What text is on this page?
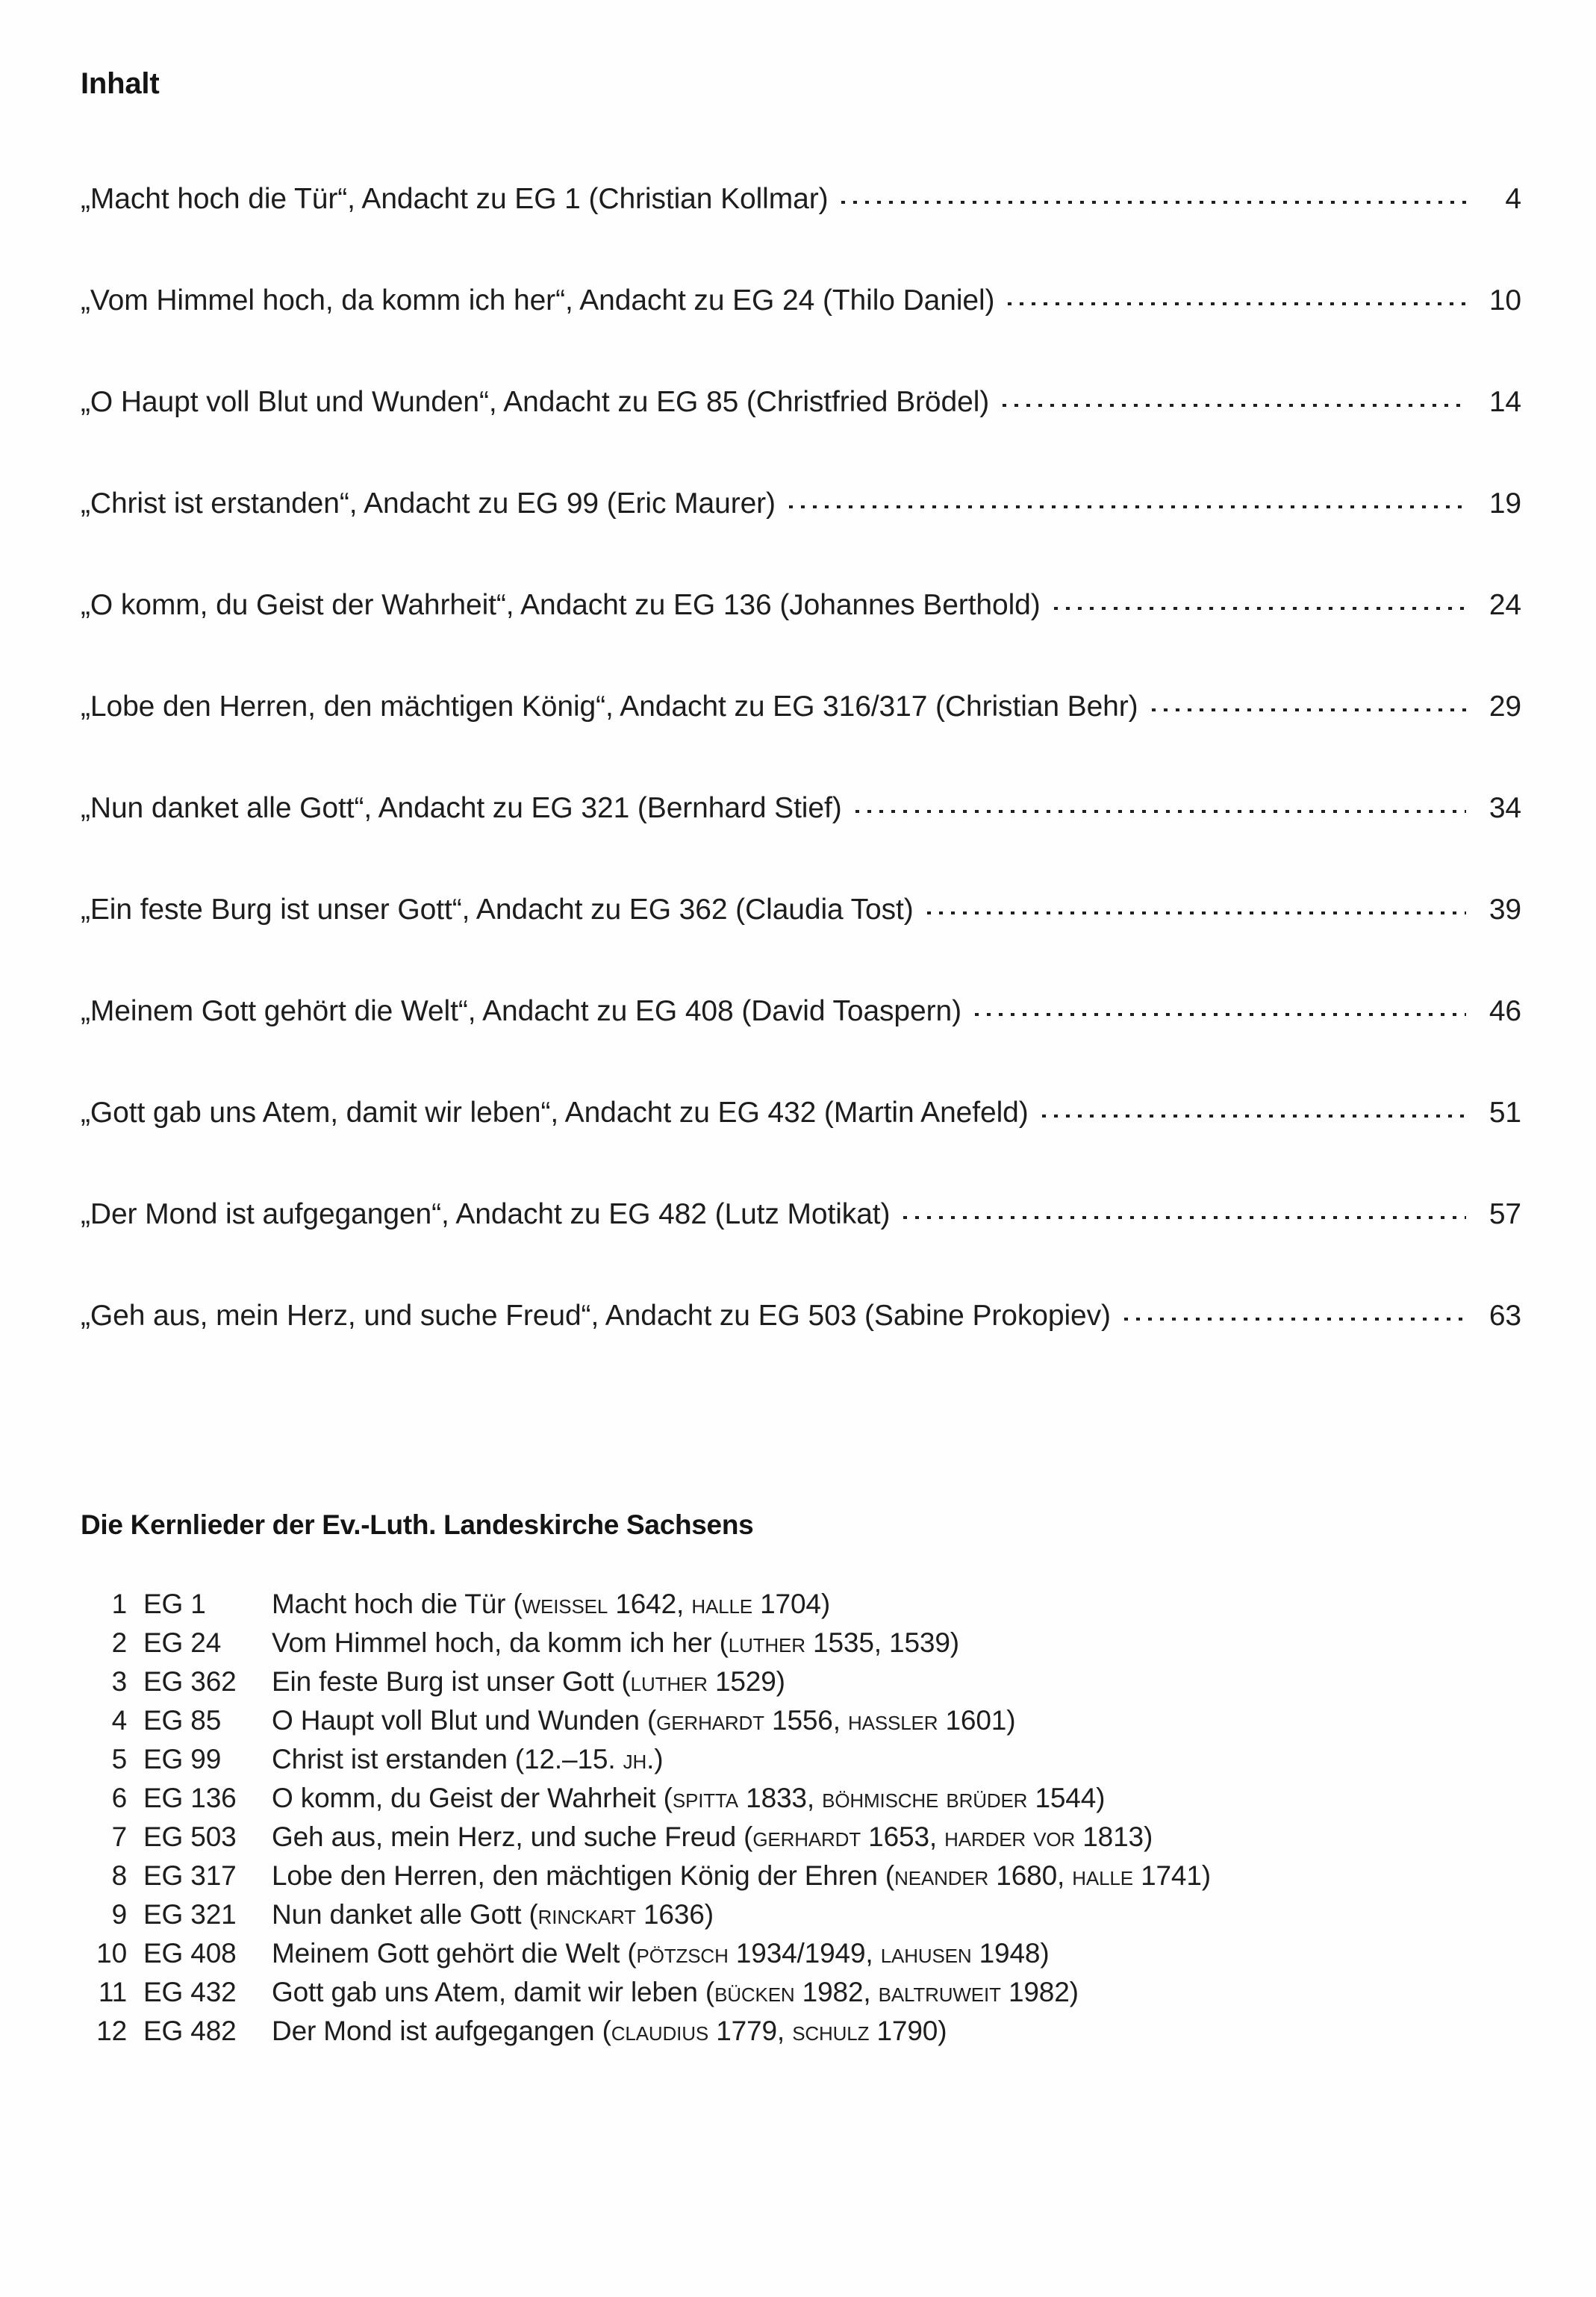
Inhalt
„Macht hoch die Tür“, Andacht zu EG 1 (Christian Kollmar)	4
„Vom Himmel hoch, da komm ich her“, Andacht zu EG 24 (Thilo Daniel)	10
„O Haupt voll Blut und Wunden“, Andacht zu EG 85 (Christfried Brödel)	14
„Christ ist erstanden“, Andacht zu EG 99 (Eric Maurer)	19
„O komm, du Geist der Wahrheit“, Andacht zu EG 136 (Johannes Berthold)	24
„Lobe den Herren, den mächtigen König“, Andacht zu EG 316/317 (Christian Behr)	29
„Nun danket alle Gott“, Andacht zu EG 321 (Bernhard Stief)	34
„Ein feste Burg ist unser Gott“, Andacht zu EG 362 (Claudia Tost)	39
„Meinem Gott gehört die Welt“, Andacht zu EG 408 (David Toaspern)	46
„Gott gab uns Atem, damit wir leben“, Andacht zu EG 432 (Martin Anefeld)	51
„Der Mond ist aufgegangen“, Andacht zu EG 482 (Lutz Motikat)	57
„Geh aus, mein Herz, und suche Freud“, Andacht zu EG 503 (Sabine Prokopiev)	63
Die Kernlieder der Ev.-Luth. Landeskirche Sachsens
1 EG 1	Macht hoch die Tür (weissel 1642, halle 1704)
2 EG 24	Vom Himmel hoch, da komm ich her (luther 1535, 1539)
3 EG 362	Ein feste Burg ist unser Gott (luther 1529)
4 EG 85	O Haupt voll Blut und Wunden (gerhardt 1556, hassler 1601)
5 EG 99	Christ ist erstanden (12.–15. jh.)
6 EG 136	O komm, du Geist der Wahrheit (spitta 1833, böhmische brüder 1544)
7 EG 503	Geh aus, mein Herz, und suche Freud (gerhardt 1653, harder vor 1813)
8 EG 317	Lobe den Herren, den mächtigen König der Ehren (neander 1680, halle 1741)
9 EG 321	Nun danket alle Gott (rinckart 1636)
10 EG 408	Meinem Gott gehört die Welt (pötzsch 1934/1949, lahusen 1948)
11 EG 432	Gott gab uns Atem, damit wir leben (bücken 1982, baltruweit 1982)
12 EG 482	Der Mond ist aufgegangen (claudius 1779, schulz 1790)
